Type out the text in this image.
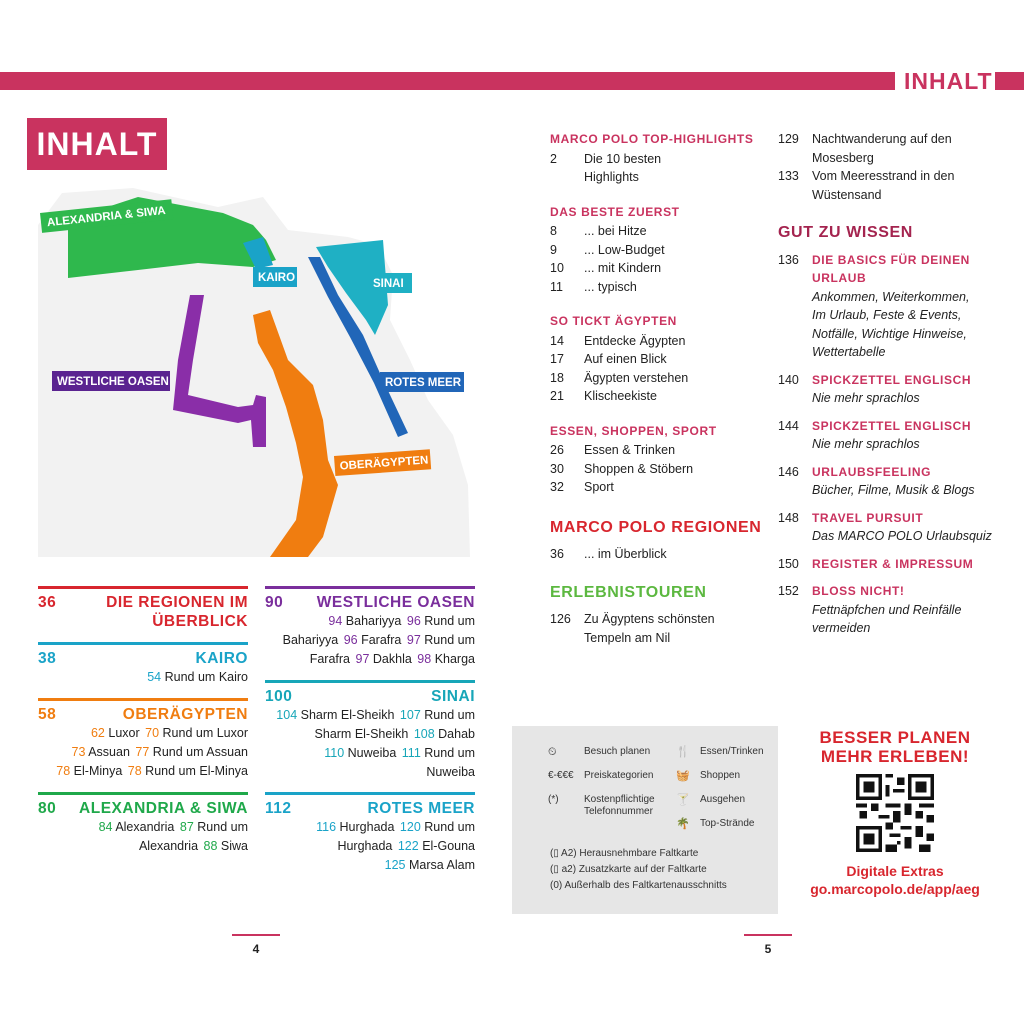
INHALT
INHALT
ALEXANDRIA & SIWA
KAIRO	SINAI
WESTLICHE OASEN	ROTES MEER
OBERÄGYPTEN
36	DIE REGIONEN IM ÜBERBLICK
38	KAIRO
54 Rund um Kairo
58	OBERÄGYPTEN
62 Luxor 70 Rund um Luxor
73 Assuan 77 Rund um Assuan
78 El-Minya 78 Rund um El-Minya
80 ALEXANDRIA & SIWA
84 Alexandria 87 Rund um
Alexandria 88 Siwa
90 WESTLICHE OASEN
94 Bahariyya 96 Rund um
Bahariyya 96 Farafra 97 Rund um
Farafra 97 Dakhla 98 Kharga
100	SINAI
104 Sharm El-Sheikh 107 Rund um
Sharm El-Sheikh 108 Dahab
110 Nuweiba 111 Rund um
Nuweiba
112	ROTES MEER
116 Hurghada 120 Rund um
Hurghada 122 El-Gouna
125 Marsa Alam
4
MARCO POLO TOP-HIGHLIGHTS
2	Die 10 besten
Highlights
DAS BESTE ZUERST
8	... bei Hitze
9	... Low-Budget
10	... mit Kindern
11	... typisch
SO TICKT ÄGYPTEN
14	Entdecke Ägypten
17	Auf einen Blick
18	Ägypten verstehen
21	Klischeekiste
ESSEN, SHOPPEN, SPORT
26	Essen & Trinken
30	Shoppen & Stöbern
32	Sport
MARCO POLO REGIONEN
36	... im Überblick
ERLEBNISTOUREN
126	Zu Ägyptens schönsten
Tempeln am Nil
129	Nachtwanderung auf den
Mosesberg
133	Vom Meeresstrand in den
Wüstensand
GUT ZU WISSEN
136	DIE BASICS FÜR DEINEN
URLAUB
Ankommen, Weiterkommen,
Im Urlaub, Feste & Events,
Notfälle, Wichtige Hinweise,
Wettertabelle
140	SPICKZETTEL ENGLISCH
Nie mehr sprachlos
144	SPICKZETTEL ENGLISCH
Nie mehr sprachlos
146	URLAUBSFEELING
Bücher, Filme, Musik & Blogs
148	TRAVEL PURSUIT
Das MARCO POLO Urlaubsquiz
150	REGISTER & IMPRESSUM
152	BLOSS NICHT!
Fettnäpfchen und Reinfälle
vermeiden
⏲	Besuch planen
€-€€€	Preiskategorien
(*)	Kostenpflichtige
Telefonnummer
🍴	Essen/Trinken
🧺	Shoppen
🍸	Ausgehen
🌴	Top-Strände
(▯ A2) Herausnehmbare Faltkarte
(▯ a2) Zusatzkarte auf der Faltkarte
(0) Außerhalb des Faltkartenausschnitts
BESSER PLANEN
MEHR ERLEBEN!
Digitale Extras
go.marcopolo.de/app/aeg
5
